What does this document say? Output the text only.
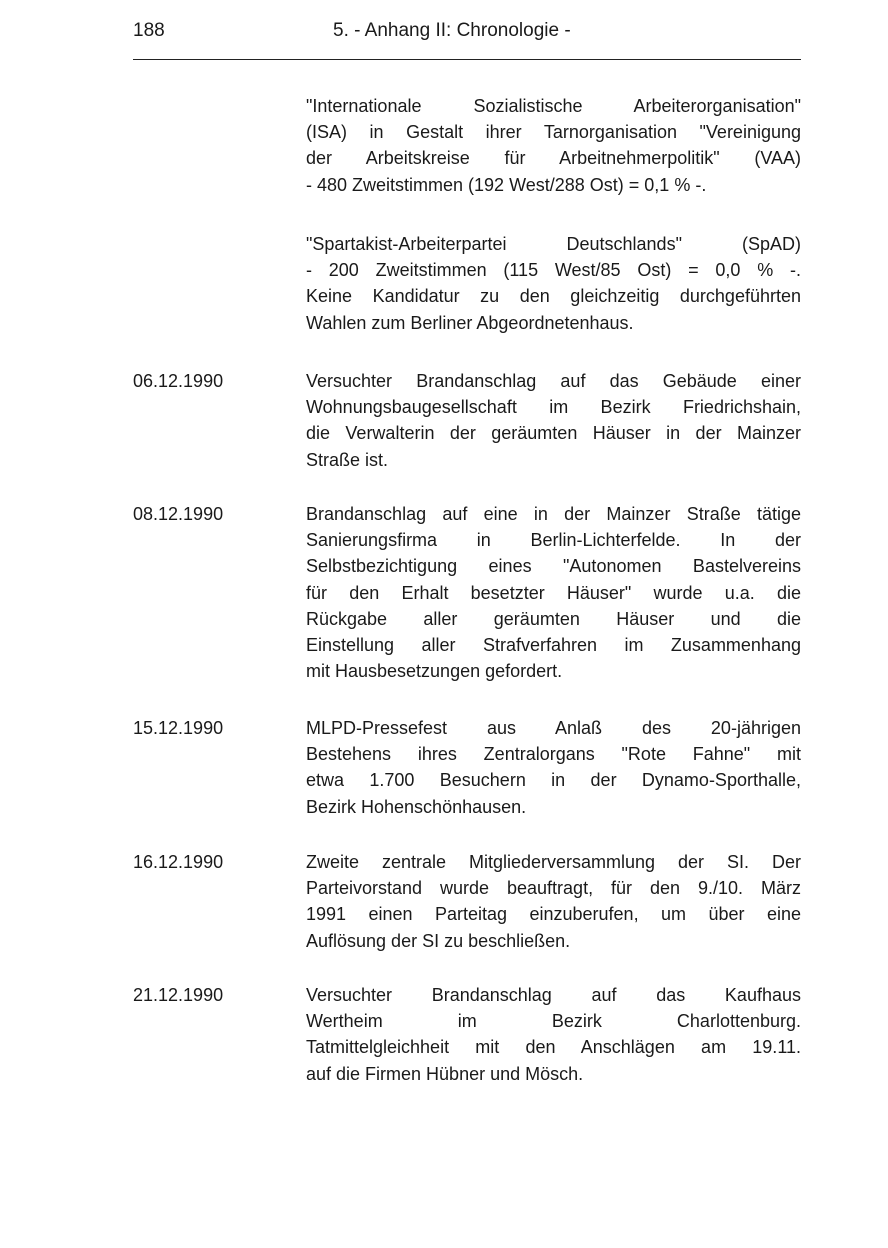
188	5. - Anhang II: Chronologie -
"Internationale Sozialistische Arbeiterorganisation"
(ISA) in Gestalt ihrer Tarnorganisation "Vereinigung
der Arbeitskreise für Arbeitnehmerpolitik" (VAA)
- 480 Zweitstimmen (192 West/288 Ost) = 0,1 % -.
"Spartakist-Arbeiterpartei Deutschlands" (SpAD)
- 200 Zweitstimmen (115 West/85 Ost) = 0,0 % -.
Keine Kandidatur zu den gleichzeitig durchgeführten
Wahlen zum Berliner Abgeordnetenhaus.
06.12.1990	Versuchter Brandanschlag auf das Gebäude einer
Wohnungsbaugesellschaft im Bezirk Friedrichshain,
die Verwalterin der geräumten Häuser in der Mainzer
Straße ist.
08.12.1990	Brandanschlag auf eine in der Mainzer Straße tätige
Sanierungsfirma in Berlin-Lichterfelde. In der
Selbstbezichtigung eines "Autonomen Bastelvereins
für den Erhalt besetzter Häuser" wurde u.a. die
Rückgabe aller geräumten Häuser und die
Einstellung aller Strafverfahren im Zusammenhang
mit Hausbesetzungen gefordert.
15.12.1990	MLPD-Pressefest aus Anlaß des 20-jährigen
Bestehens ihres Zentralorgans "Rote Fahne" mit
etwa 1.700 Besuchern in der Dynamo-Sporthalle,
Bezirk Hohenschönhausen.
16.12.1990	Zweite zentrale Mitgliederversammlung der SI. Der
Parteivorstand wurde beauftragt, für den 9./10. März
1991 einen Parteitag einzuberufen, um über eine
Auflösung der SI zu beschließen.
21.12.1990	Versuchter Brandanschlag auf das Kaufhaus
Wertheim im Bezirk Charlottenburg.
Tatmittelgleichheit mit den Anschlägen am 19.11.
auf die Firmen Hübner und Mösch.
